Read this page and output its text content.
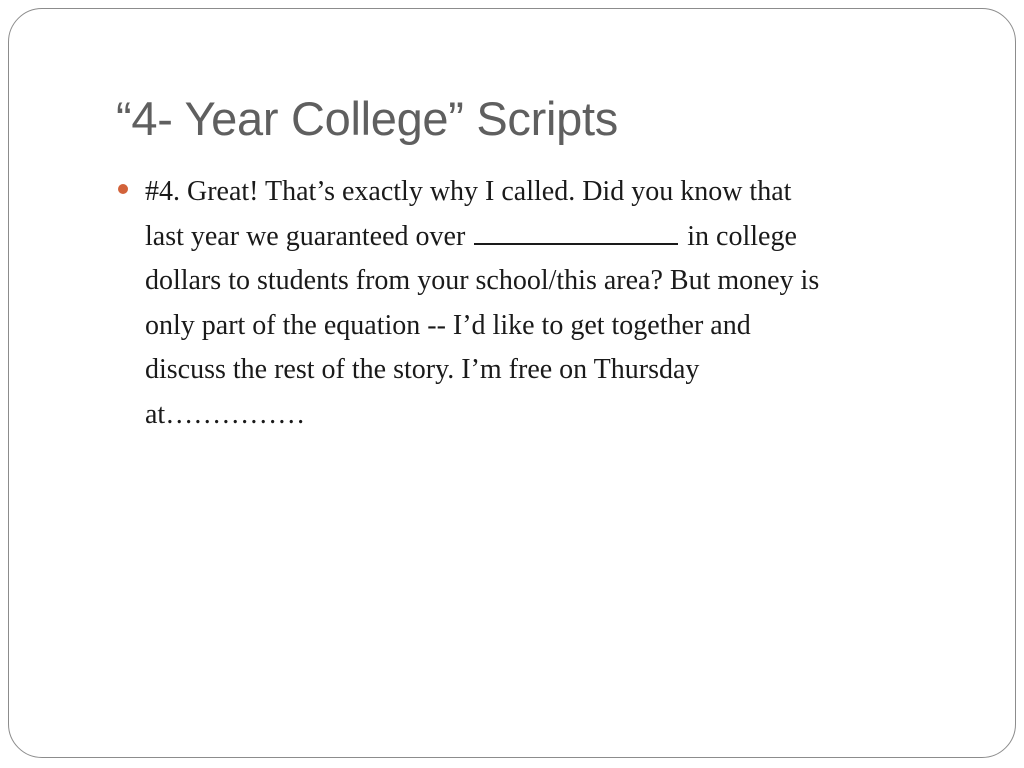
“4- Year College” Scripts

#4. Great! That’s exactly why I called. Did you know that
last year we guaranteed over	in college
dollars to students from your school/this area? But money is
only part of the equation -- I’d like to get together and
discuss the rest of the story. I’m free on Thursday
at……………
